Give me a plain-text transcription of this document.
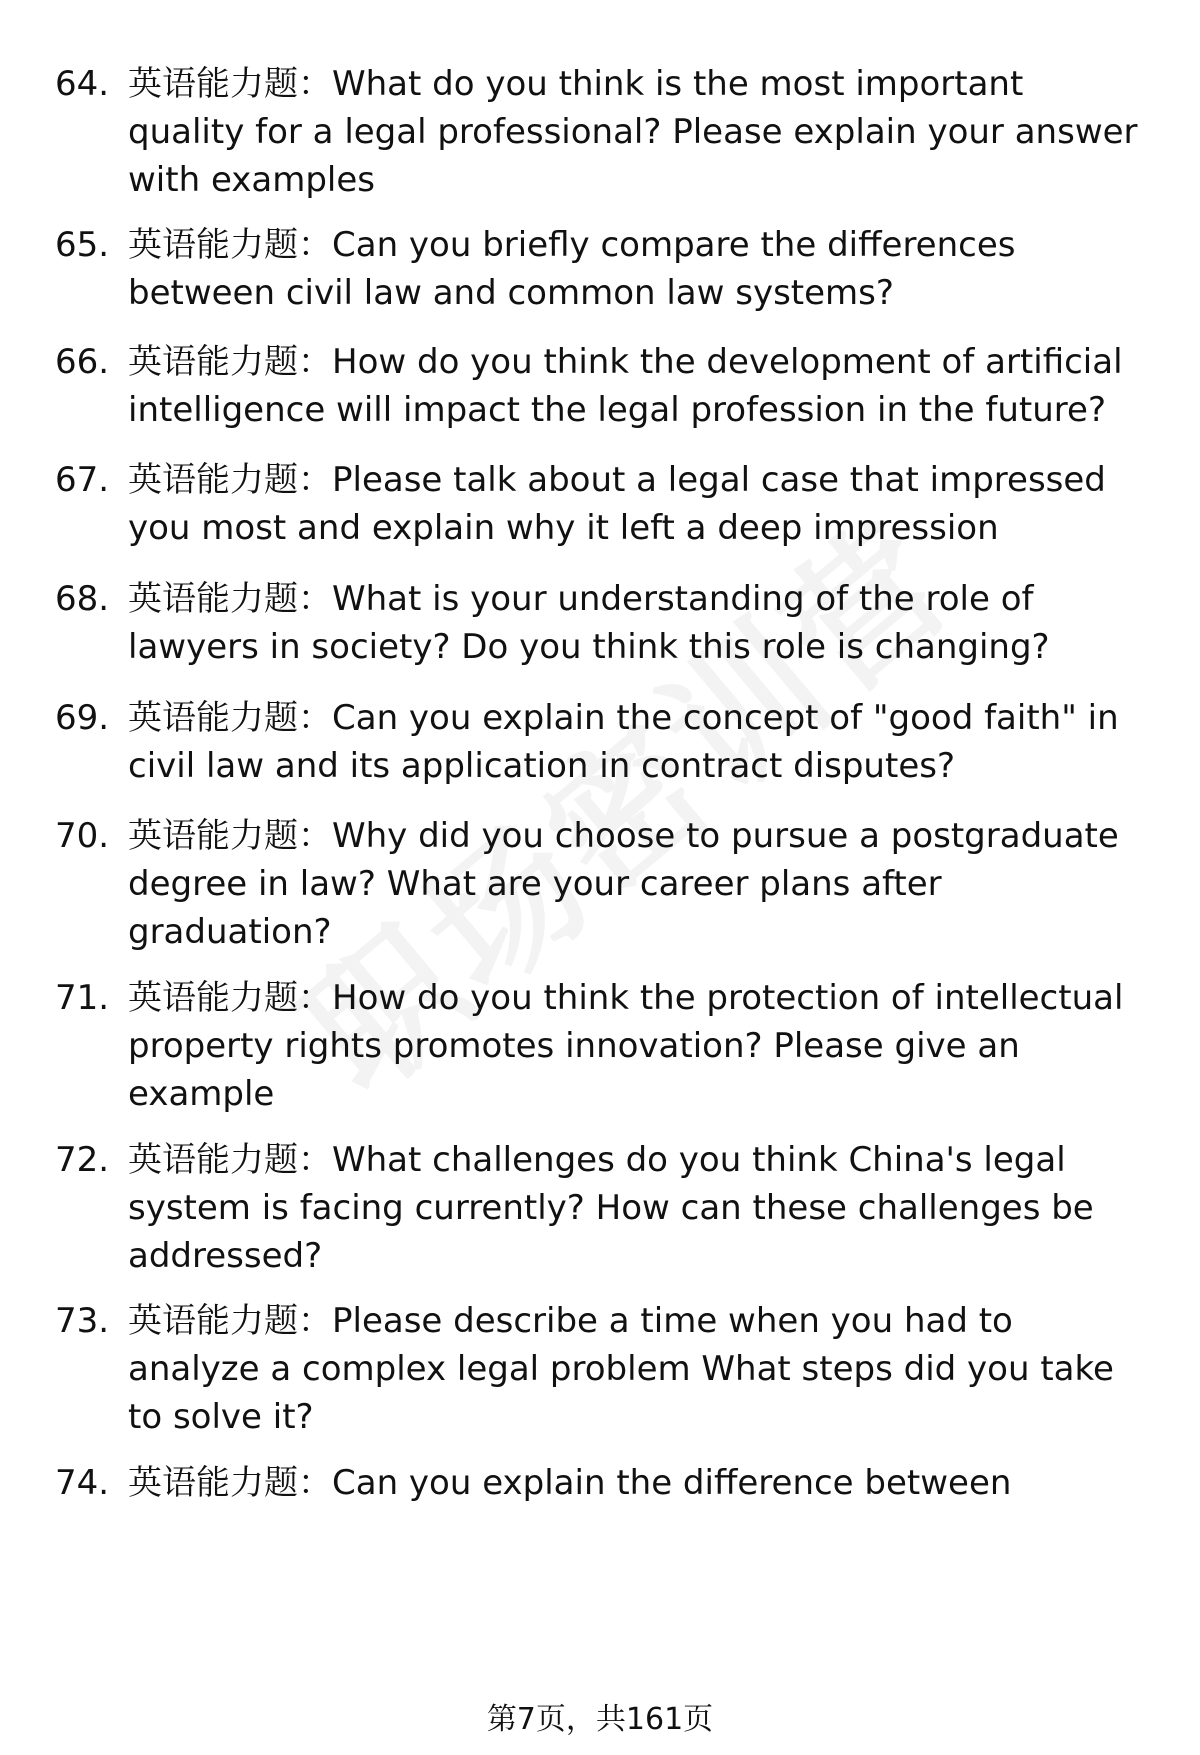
64. 英语能力题：What do you think is the most important
quality for a legal professional? Please explain your answer
with examples
65. 英语能力题：Can you briefly compare the differences
between civil law and common law systems?
66. 英语能力题：How do you think the development of artificial
intelligence will impact the legal profession in the future?
67. 英语能力题：Please talk about a legal case that impressed
you most and explain why it left a deep impression
68. 英语能力题：What is your understanding of the role of
lawyers in society? Do you think this role is changing?
69. 英语能力题：Can you explain the concept of "good faith" in
civil law and its application in contract disputes?
70. 英语能力题：Why did you choose to pursue a postgraduate
degree in law? What are your career plans after
graduation?
71. 英语能力题：How do you think the protection of intellectual
property rights promotes innovation? Please give an
example
72. 英语能力题：What challenges do you think China's legal
system is facing currently? How can these challenges be
addressed?
73. 英语能力题：Please describe a time when you had to
analyze a complex legal problem What steps did you take
to solve it?
74. 英语能力题：Can you explain the difference between
第7页，共161页
